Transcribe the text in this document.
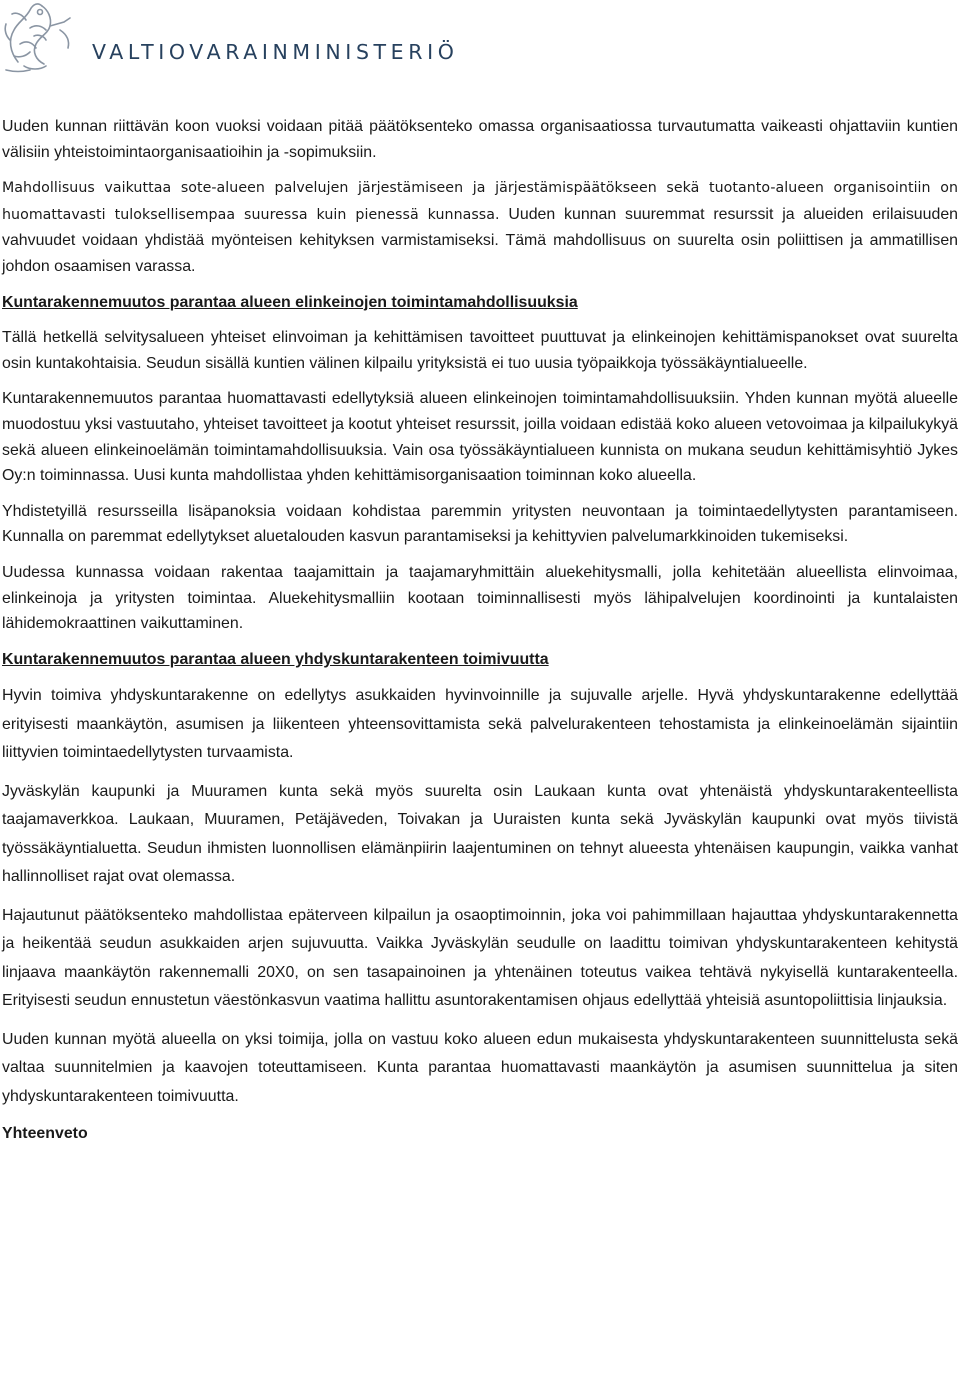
VALTIOVARAINMINISTERIÖ

Uuden kunnan riittävän koon vuoksi voidaan pitää päätöksenteko omassa organisaatiossa turvautumatta vaikeasti ohjattaviin kuntien välisiin yhteistoimintaorganisaatioihin ja -sopimuksiin.

Mahdollisuus vaikuttaa sote-alueen palvelujen järjestämiseen ja järjestämispäätökseen sekä tuotanto-alueen organisointiin on huomattavasti tuloksellisempaa suuressa kuin pienessä kunnassa. Uuden kunnan suuremmat resurssit ja alueiden erilaisuuden vahvuudet voidaan yhdistää myönteisen kehityksen varmistamiseksi. Tämä mahdollisuus on suurelta osin poliittisen ja ammatillisen johdon osaamisen varassa.

Kuntarakennemuutos parantaa alueen elinkeinojen toimintamahdollisuuksia

Tällä hetkellä selvitysalueen yhteiset elinvoiman ja kehittämisen tavoitteet puuttuvat ja elinkeinojen kehittämispanokset ovat suurelta osin kuntakohtaisia. Seudun sisällä kuntien välinen kilpailu yrityksistä ei tuo uusia työpaikkoja työssäkäyntialueelle.

Kuntarakennemuutos parantaa huomattavasti edellytyksiä alueen elinkeinojen toimintamahdollisuuksiin. Yhden kunnan myötä alueelle muodostuu yksi vastuutaho, yhteiset tavoitteet ja kootut yhteiset resurssit, joilla voidaan edistää koko alueen vetovoimaa ja kilpailukykyä sekä alueen elinkeinoelämän toimintamahdollisuuksia. Vain osa työssäkäyntialueen kunnista on mukana seudun kehittämisyhtiö Jykes Oy:n toiminnassa. Uusi kunta mahdollistaa yhden kehittämisorganisaation toiminnan koko alueella.

Yhdistetyillä resursseilla lisäpanoksia voidaan kohdistaa paremmin yritysten neuvontaan ja toimintaedellytysten parantamiseen. Kunnalla on paremmat edellytykset aluetalouden kasvun parantamiseksi ja kehittyvien palvelumarkkinoiden tukemiseksi.

Uudessa kunnassa voidaan rakentaa taajamittain ja taajamaryhmittäin aluekehitysmalli, jolla kehitetään alueellista elinvoimaa, elinkeinoja ja yritysten toimintaa. Aluekehitysmalliin kootaan toiminnallisesti myös lähipalvelujen koordinointi ja kuntalaisten lähidemokraattinen vaikuttaminen.

Kuntarakennemuutos parantaa alueen yhdyskuntarakenteen toimivuutta

Hyvin toimiva yhdyskuntarakenne on edellytys asukkaiden hyvinvoinnille ja sujuvalle arjelle. Hyvä yhdyskuntarakenne edellyttää erityisesti maankäytön, asumisen ja liikenteen yhteensovittamista sekä palvelurakenteen tehostamista ja elinkeinoelämän sijaintiin liittyvien toimintaedellytysten turvaamista.

Jyväskylän kaupunki ja Muuramen kunta sekä myös suurelta osin Laukaan kunta ovat yhtenäistä yhdyskuntarakenteellista taajamaverkkoa. Laukaan, Muuramen, Petäjäveden, Toivakan ja Uuraisten kunta sekä Jyväskylän kaupunki ovat myös tiivistä työssäkäyntialuetta. Seudun ihmisten luonnollisen elämänpiirin laajentuminen on tehnyt alueesta yhtenäisen kaupungin, vaikka vanhat hallinnolliset rajat ovat olemassa.

Hajautunut päätöksenteko mahdollistaa epäterveen kilpailun ja osaoptimoinnin, joka voi pahimmillaan hajauttaa yhdyskuntarakennetta ja heikentää seudun asukkaiden arjen sujuvuutta. Vaikka Jyväskylän seudulle on laadittu toimivan yhdyskuntarakenteen kehitystä linjaava maankäytön rakennemalli 20X0, on sen tasapainoinen ja yhtenäinen toteutus vaikea tehtävä nykyisellä kuntarakenteella. Erityisesti seudun ennustetun väestönkasvun vaatima hallittu asuntorakentamisen ohjaus edellyttää yhteisiä asuntopoliittisia linjauksia.

Uuden kunnan myötä alueella on yksi toimija, jolla on vastuu koko alueen edun mukaisesta yhdyskuntarakenteen suunnittelusta sekä valtaa suunnitelmien ja kaavojen toteuttamiseen. Kunta parantaa huomattavasti maankäytön ja asumisen suunnittelua ja siten yhdyskuntarakenteen toimivuutta.

Yhteenveto
